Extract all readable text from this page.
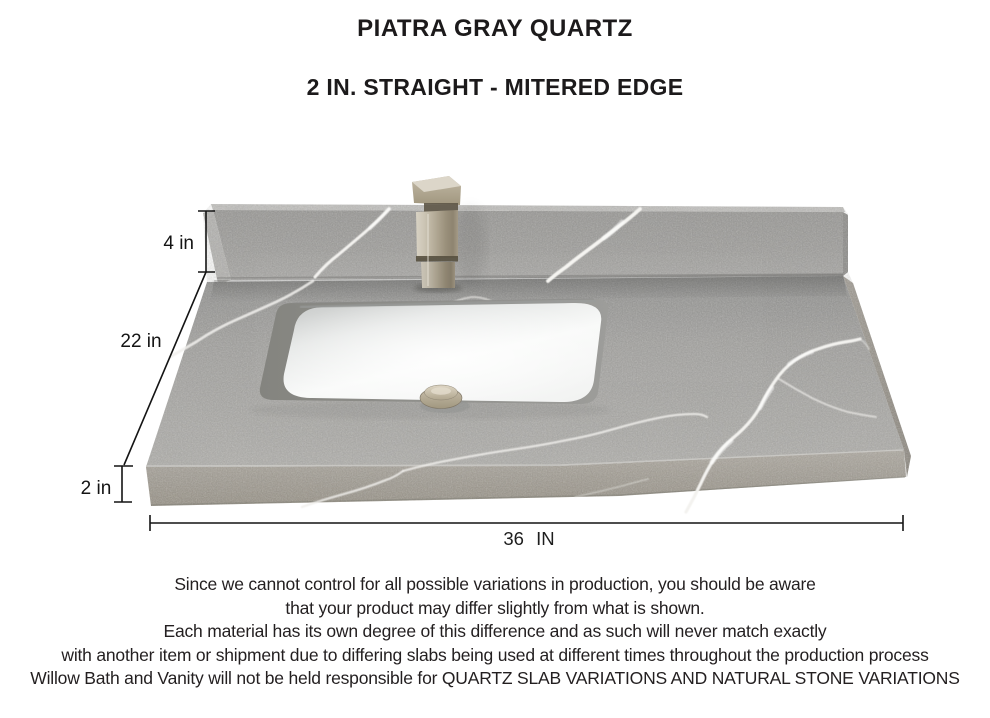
PIATRA GRAY QUARTZ
2 IN. STRAIGHT - MITERED EDGE
4 in
22 in
2 in
36 IN
Since we cannot control for all possible variations in production, you should be aware
that your product may differ slightly from what is shown.
Each material has its own degree of this difference and as such will never match exactly
with another item or shipment due to differing slabs being used at different times throughout the production process
Willow Bath and Vanity will not be held responsible for QUARTZ SLAB VARIATIONS AND NATURAL STONE VARIATIONS
